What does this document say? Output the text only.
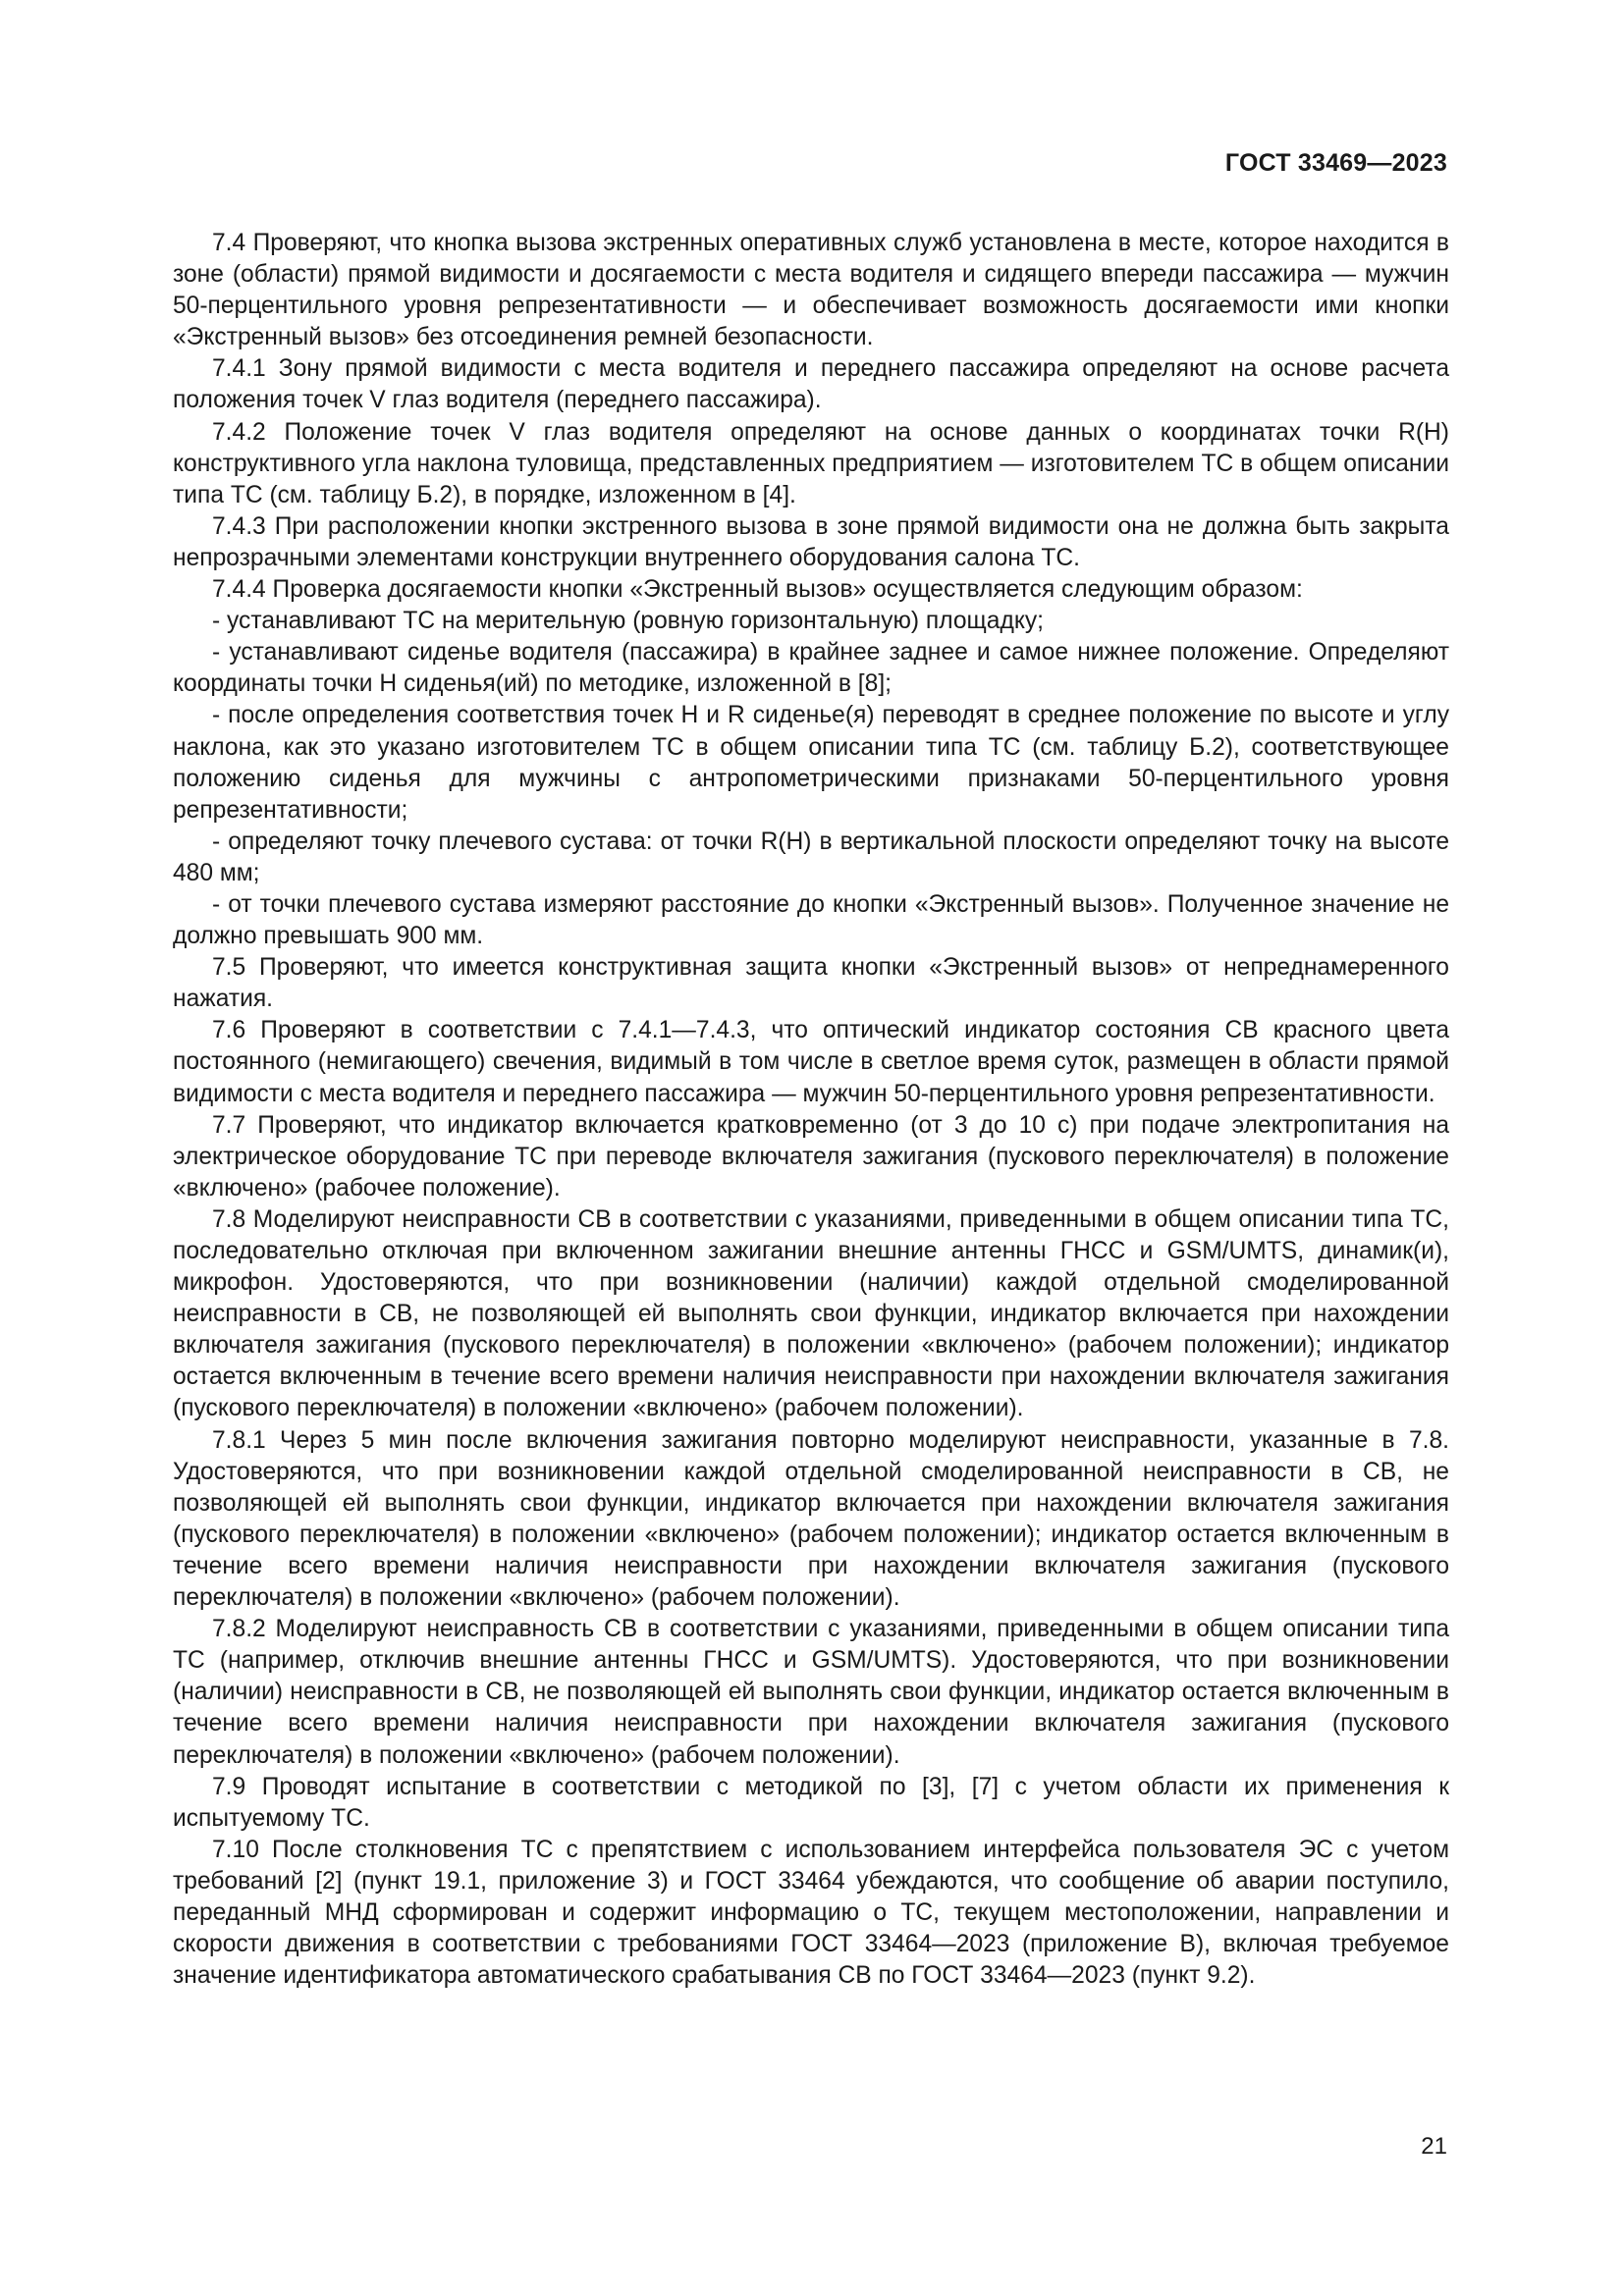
ГОСТ 33469—2023

7.4 Проверяют, что кнопка вызова экстренных оперативных служб установлена в месте, которое находится в зоне (области) прямой видимости и досягаемости с места водителя и сидящего впереди пассажира — мужчин 50-перцентильного уровня репрезентативности — и обеспечивает возможность досягаемости ими кнопки «Экстренный вызов» без отсоединения ремней безопасности.

7.4.1 Зону прямой видимости с места водителя и переднего пассажира определяют на основе расчета положения точек V глаз водителя (переднего пассажира).

7.4.2 Положение точек V глаз водителя определяют на основе данных о координатах точки R(H) конструктивного угла наклона туловища, представленных предприятием — изготовителем ТС в общем описании типа ТС (см. таблицу Б.2), в порядке, изложенном в [4].

7.4.3 При расположении кнопки экстренного вызова в зоне прямой видимости она не должна быть закрыта непрозрачными элементами конструкции внутреннего оборудования салона ТС.

7.4.4 Проверка досягаемости кнопки «Экстренный вызов» осуществляется следующим образом:

- устанавливают ТС на мерительную (ровную горизонтальную) площадку;

- устанавливают сиденье водителя (пассажира) в крайнее заднее и самое нижнее положение. Определяют координаты точки H сиденья(ий) по методике, изложенной в [8];

- после определения соответствия точек H и R сиденье(я) переводят в среднее положение по высоте и углу наклона, как это указано изготовителем ТС в общем описании типа ТС (см. таблицу Б.2), соответствующее положению сиденья для мужчины с антропометрическими признаками 50-перцентильного уровня репрезентативности;

- определяют точку плечевого сустава: от точки R(H) в вертикальной плоскости определяют точку на высоте 480 мм;

- от точки плечевого сустава измеряют расстояние до кнопки «Экстренный вызов». Полученное значение не должно превышать 900 мм.

7.5 Проверяют, что имеется конструктивная защита кнопки «Экстренный вызов» от непреднамеренного нажатия.

7.6 Проверяют в соответствии с 7.4.1—7.4.3, что оптический индикатор состояния СВ красного цвета постоянного (немигающего) свечения, видимый в том числе в светлое время суток, размещен в области прямой видимости с места водителя и переднего пассажира — мужчин 50-перцентильного уровня репрезентативности.

7.7 Проверяют, что индикатор включается кратковременно (от 3 до 10 с) при подаче электропитания на электрическое оборудование ТС при переводе включателя зажигания (пускового переключателя) в положение «включено» (рабочее положение).

7.8 Моделируют неисправности СВ в соответствии с указаниями, приведенными в общем описании типа ТС, последовательно отключая при включенном зажигании внешние антенны ГНСС и GSM/UMTS, динамик(и), микрофон. Удостоверяются, что при возникновении (наличии) каждой отдельной смоделированной неисправности в СВ, не позволяющей ей выполнять свои функции, индикатор включается при нахождении включателя зажигания (пускового переключателя) в положении «включено» (рабочем положении); индикатор остается включенным в течение всего времени наличия неисправности при нахождении включателя зажигания (пускового переключателя) в положении «включено» (рабочем положении).

7.8.1 Через 5 мин после включения зажигания повторно моделируют неисправности, указанные в 7.8. Удостоверяются, что при возникновении каждой отдельной смоделированной неисправности в СВ, не позволяющей ей выполнять свои функции, индикатор включается при нахождении включателя зажигания (пускового переключателя) в положении «включено» (рабочем положении); индикатор остается включенным в течение всего времени наличия неисправности при нахождении включателя зажигания (пускового переключателя) в положении «включено» (рабочем положении).

7.8.2 Моделируют неисправность СВ в соответствии с указаниями, приведенными в общем описании типа ТС (например, отключив внешние антенны ГНСС и GSM/UMTS). Удостоверяются, что при возникновении (наличии) неисправности в СВ, не позволяющей ей выполнять свои функции, индикатор остается включенным в течение всего времени наличия неисправности при нахождении включателя зажигания (пускового переключателя) в положении «включено» (рабочем положении).

7.9 Проводят испытание в соответствии с методикой по [3], [7] с учетом области их применения к испытуемому ТС.

7.10 После столкновения ТС с препятствием с использованием интерфейса пользователя ЭС с учетом требований [2] (пункт 19.1, приложение 3) и ГОСТ 33464 убеждаются, что сообщение об аварии поступило, переданный МНД сформирован и содержит информацию о ТС, текущем местоположении, направлении и скорости движения в соответствии с требованиями ГОСТ 33464—2023 (приложение В), включая требуемое значение идентификатора автоматического срабатывания СВ по ГОСТ 33464—2023 (пункт 9.2).

21
